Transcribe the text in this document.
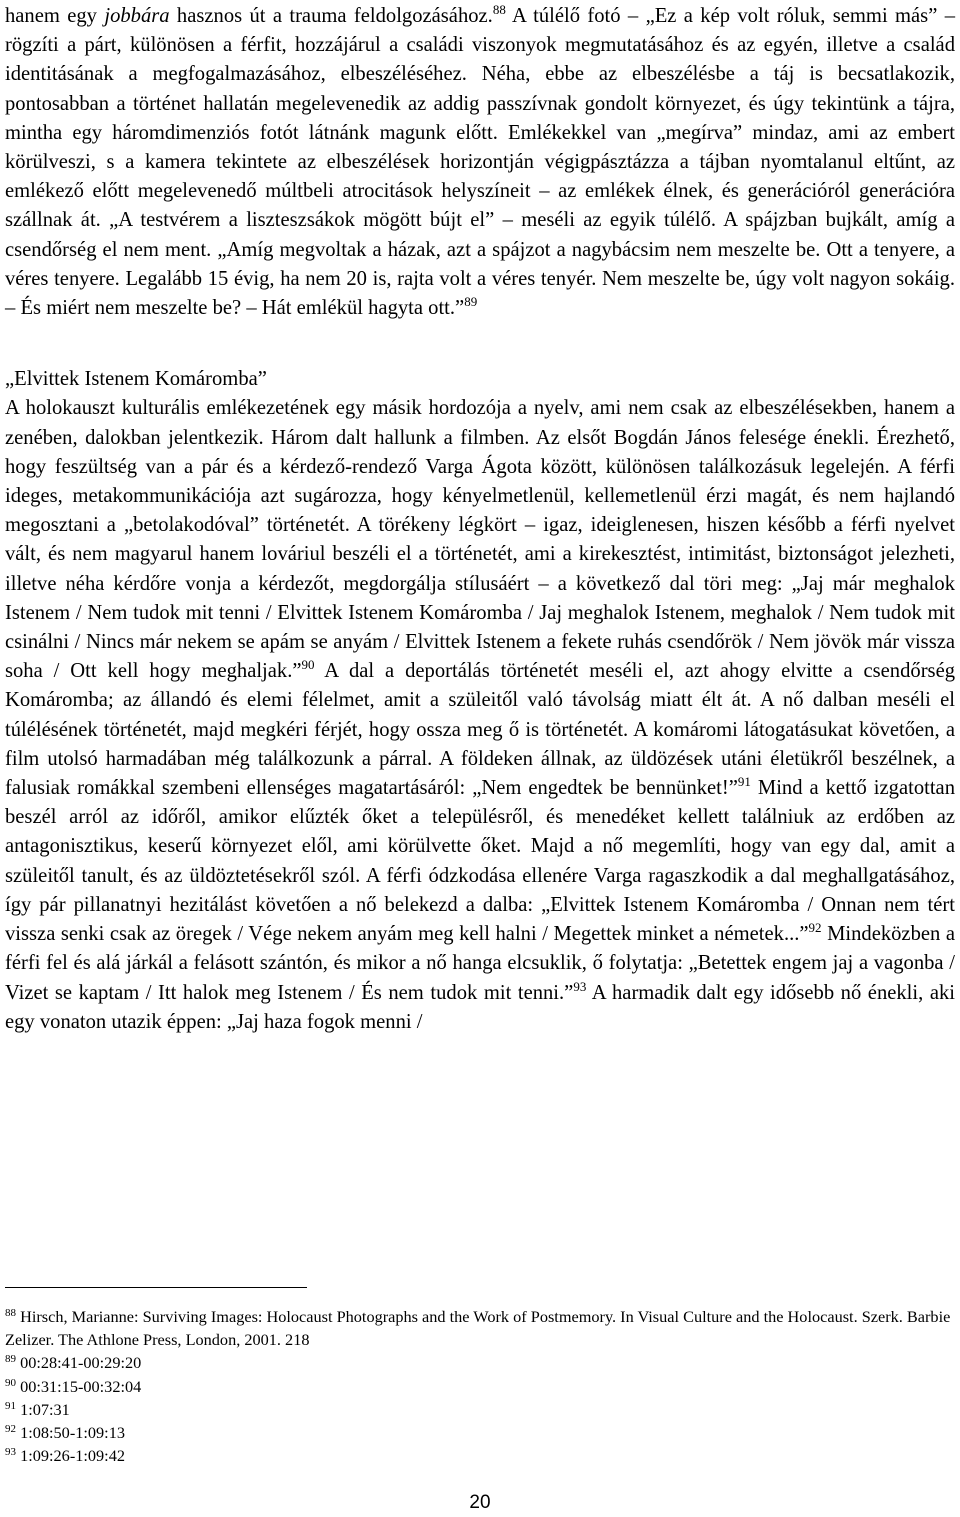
hanem egy jobbára hasznos út a trauma feldolgozásához.$^{88}$ A túlélő fotó – „Ez a kép volt róluk, semmi más” – rögzíti a párt, különösen a férfit, hozzájárul a családi viszonyok megmutatásához és az egyén, illetve a család identitásának a megfogalmazásához, elbeszéléséhez. Néha, ebbe az elbeszélésbe a táj is becsatlakozik, pontosabban a történet hallatán megelevenedik az addig passzívnak gondolt környezet, és úgy tekintünk a tájra, mintha egy háromdimenziós fotót látnánk magunk előtt. Emlékekkel van „megírva” mindaz, ami az embert körülveszi, s a kamera tekintete az elbeszélések horizontján végigpásztázza a tájban nyomtalanul eltűnt, az emlékező előtt megelevenedő múltbeli atrocitások helyszíneit – az emlékek élnek, és generációról generációra szállnak át. „A testvérem a liszteszsákok mögött bújt el” – meséli az egyik túlélő. A spájzban bujkált, amíg a csendőrség el nem ment. „Amíg megvoltak a házak, azt a spájzot a nagybácsim nem meszelte be. Ott a tenyere, a véres tenyere. Legalább 15 évig, ha nem 20 is, rajta volt a véres tenyér. Nem meszelte be, úgy volt nagyon sokáig. – És miért nem meszelte be? – Hát emlékül hagyta ott.”$^{89}$

„Elvittek Istenem Komáromba”

A holokauszt kulturális emlékezetének egy másik hordozója a nyelv, ami nem csak az elbeszélésekben, hanem a zenében, dalokban jelentkezik. Három dalt hallunk a filmben. Az elsőt Bogdán János felesége énekli. Érezhető, hogy feszültség van a pár és a kérdező-rendező Varga Ágota között, különösen találkozásuk legelején. A férfi ideges, metakommunikációja azt sugározza, hogy kényelmetlenül, kellemetlenül érzi magát, és nem hajlandó megosztani a „betolakodóval” történetét. A törékeny légkört – igaz, ideiglenesen, hiszen később a férfi nyelvet vált, és nem magyarul hanem lováriul beszéli el a történetét, ami a kirekesztést, intimitást, biztonságot jelezheti, illetve néha kérdőre vonja a kérdezőt, megdorgálja stílusáért – a következő dal töri meg: „Jaj már meghalok Istenem / Nem tudok mit tenni / Elvittek Istenem Komáromba / Jaj meghalok Istenem, meghalok / Nem tudok mit csinálni / Nincs már nekem se apám se anyám / Elvittek Istenem a fekete ruhás csendőrök / Nem jövök már vissza soha / Ott kell hogy meghaljak.”$^{90}$ A dal a deportálás történetét meséli el, azt ahogy elvitte a csendőrség Komáromba; az állandó és elemi félelmet, amit a szüleitől való távolság miatt élt át. A nő dalban meséli el túlélésének történetét, majd megkéri férjét, hogy ossza meg ő is történetét. A komáromi látogatásukat követően, a film utolsó harmadában még találkozunk a párral. A földeken állnak, az üldözések utáni életükről beszélnek, a falusiak romákkal szembeni ellenséges magatartásáról: „Nem engedtek be bennünket!”$^{91}$ Mind a kettő izgatottan beszél arról az időről, amikor elűzték őket a településről, és menedéket kellett találniuk az erdőben az antagonisztikus, keserű környezet elől, ami körülvette őket. Majd a nő megemlíti, hogy van egy dal, amit a szüleitől tanult, és az üldöztetésekről szól. A férfi ódzkodása ellenére Varga ragaszkodik a dal meghallgatásához, így pár pillanatnyi hezitálást követően a nő belekezd a dalba: „Elvittek Istenem Komáromba / Onnan nem tért vissza senki csak az öregek / Vége nekem anyám meg kell halni / Megettek minket a németek...”$^{92}$ Mindeközben a férfi fel és alá járkál a felásott szántón, és mikor a nő hanga elcsuklik, ő folytatja: „Betettek engem jaj a vagonba / Vizet se kaptam / Itt halok meg Istenem / És nem tudok mit tenni.”$^{93}$ A harmadik dalt egy idősebb nő énekli, aki egy vonaton utazik éppen: „Jaj haza fogok menni /

$^{88}$ Hirsch, Marianne: Surviving Images: Holocaust Photographs and the Work of Postmemory. In Visual Culture and the Holocaust. Szerk. Barbie Zelizer. The Athlone Press, London, 2001. 218

$^{89}$ 00:28:41-00:29:20

$^{90}$ 00:31:15-00:32:04

$^{91}$ 1:07:31

$^{92}$ 1:08:50-1:09:13

$^{93}$ 1:09:26-1:09:42

20
